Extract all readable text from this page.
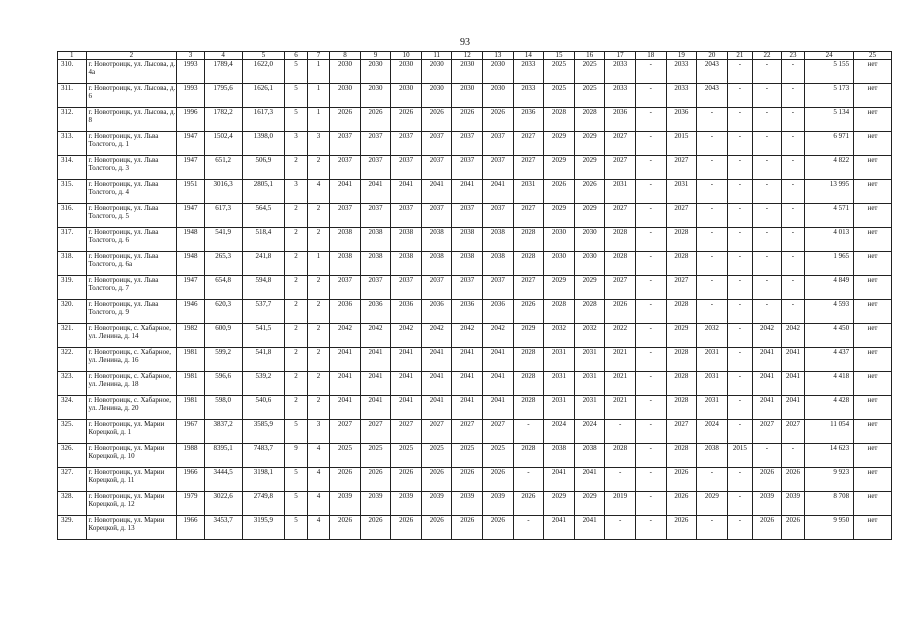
93
1	2	3	4	5	6	7	8	9	10	11	12	13	14	15	16	17	18	19	20	21	22	23	24	25
310.	г. Новотроицк, ул. Лысова, д. 4а	1993	1789,4	1622,0	5	1	2030	2030	2030	2030	2030	2030	2033	2025	2025	2033	-	2033	2043	-	-	-	5 155	нет
311.	г. Новотроицк, ул. Лысова, д. 6	1993	1795,6	1626,1	5	1	2030	2030	2030	2030	2030	2030	2033	2025	2025	2033	-	2033	2043	-	-	-	5 173	нет
312.	г. Новотроицк, ул. Лысова, д. 8	1996	1782,2	1617,3	5	1	2026	2026	2026	2026	2026	2026	2036	2028	2028	2036	-	2036	-	-	-	-	5 134	нет
313.	г. Новотроицк, ул. Льва Толстого, д. 1	1947	1502,4	1398,0	3	3	2037	2037	2037	2037	2037	2037	2027	2029	2029	2027	-	2015	-	-	-	-	6 971	нет
314.	г. Новотроицк, ул. Льва Толстого, д. 3	1947	651,2	506,9	2	2	2037	2037	2037	2037	2037	2037	2027	2029	2029	2027	-	2027	-	-	-	-	4 822	нет
315.	г. Новотроицк, ул. Льва Толстого, д. 4	1951	3016,3	2805,1	3	4	2041	2041	2041	2041	2041	2041	2031	2026	2026	2031	-	2031	-	-	-	-	13 995	нет
316.	г. Новотроицк, ул. Льва Толстого, д. 5	1947	617,3	564,5	2	2	2037	2037	2037	2037	2037	2037	2027	2029	2029	2027	-	2027	-	-	-	-	4 571	нет
317.	г. Новотроицк, ул. Льва Толстого, д. 6	1948	541,9	518,4	2	2	2038	2038	2038	2038	2038	2038	2028	2030	2030	2028	-	2028	-	-	-	-	4 013	нет
318.	г. Новотроицк, ул. Льва Толстого, д. 6а	1948	265,3	241,8	2	1	2038	2038	2038	2038	2038	2038	2028	2030	2030	2028	-	2028	-	-	-	-	1 965	нет
319.	г. Новотроицк, ул. Льва Толстого, д. 7	1947	654,8	594,8	2	2	2037	2037	2037	2037	2037	2037	2027	2029	2029	2027	-	2027	-	-	-	-	4 849	нет
320.	г. Новотроицк, ул. Льва Толстого, д. 9	1946	620,3	537,7	2	2	2036	2036	2036	2036	2036	2036	2026	2028	2028	2026	-	2028	-	-	-	-	4 593	нет
321.	г. Новотроицк, с. Хабарное, ул. Ленина, д. 14	1982	600,9	541,5	2	2	2042	2042	2042	2042	2042	2042	2029	2032	2032	2022	-	2029	2032	-	2042	2042	4 450	нет
322.	г. Новотроицк, с. Хабарное, ул. Ленина, д. 16	1981	599,2	541,8	2	2	2041	2041	2041	2041	2041	2041	2028	2031	2031	2021	-	2028	2031	-	2041	2041	4 437	нет
323.	г. Новотроицк, с. Хабарное, ул. Ленина, д. 18	1981	596,6	539,2	2	2	2041	2041	2041	2041	2041	2041	2028	2031	2031	2021	-	2028	2031	-	2041	2041	4 418	нет
324.	г. Новотроицк, с. Хабарное, ул. Ленина, д. 20	1981	598,0	540,6	2	2	2041	2041	2041	2041	2041	2041	2028	2031	2031	2021	-	2028	2031	-	2041	2041	4 428	нет
325.	г. Новотроицк, ул. Марии Корецкой, д. 1	1967	3837,2	3585,9	5	3	2027	2027	2027	2027	2027	2027	-	2024	2024	-	-	2027	2024	-	2027	2027	11 054	нет
326.	г. Новотроицк, ул. Марии Корецкой, д. 10	1988	8395,1	7483,7	9	4	2025	2025	2025	2025	2025	2025	2028	2038	2038	2028	-	2028	2038	2015	-	-	14 623	нет
327.	г. Новотроицк, ул. Марии Корецкой, д. 11	1966	3444,5	3198,1	5	4	2026	2026	2026	2026	2026	2026	-	2041	2041	-	-	2026	-	-	2026	2026	9 923	нет
328.	г. Новотроицк, ул. Марии Корецкой, д. 12	1979	3022,6	2749,8	5	4	2039	2039	2039	2039	2039	2039	2026	2029	2029	2019	-	2026	2029	-	2039	2039	8 708	нет
329.	г. Новотроицк, ул. Марии Корецкой, д. 13	1966	3453,7	3195,9	5	4	2026	2026	2026	2026	2026	2026	-	2041	2041	-	-	2026	-	-	2026	2026	9 950	нет
